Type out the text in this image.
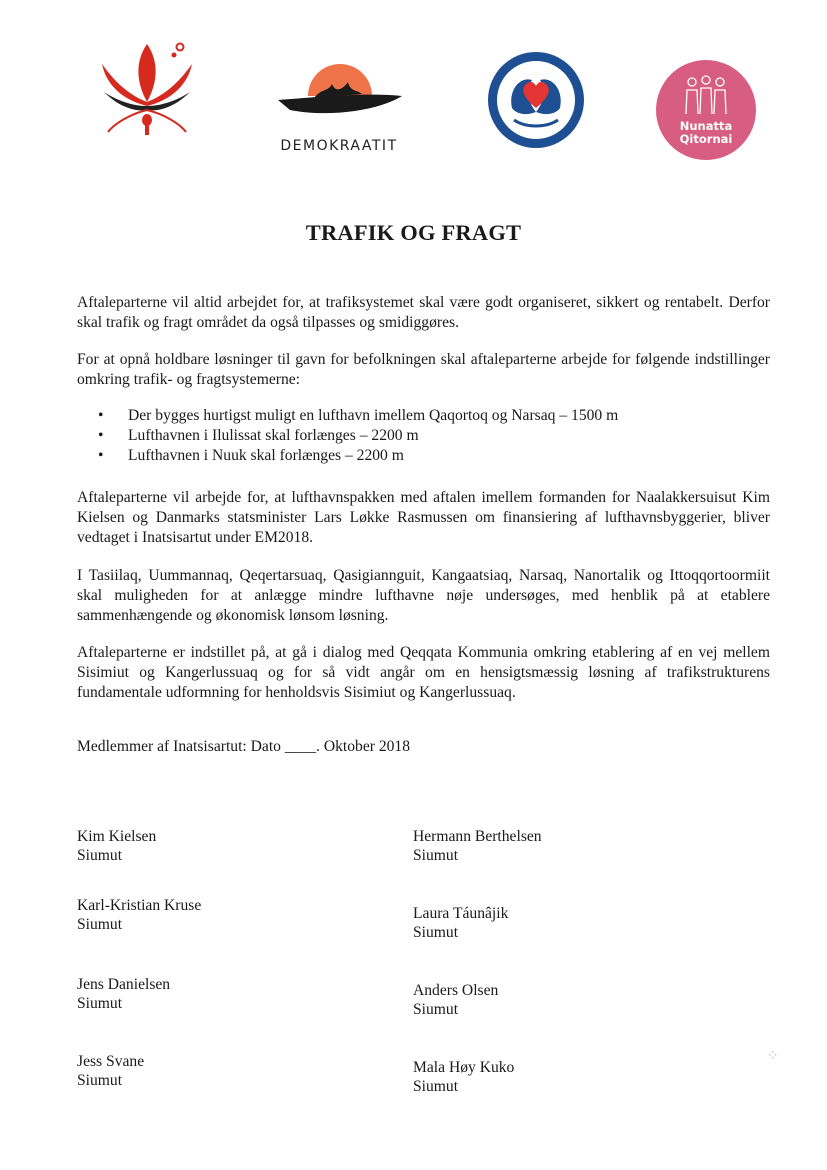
DEMOKRAATIT
Nunatta
Qitornai
TRAFIK OG FRAGT

Aftaleparterne vil altid arbejdet for, at trafiksystemet skal være godt organiseret, sikkert og rentabelt. Derfor skal trafik og fragt området da også tilpasses og smidiggøres.

For at opnå holdbare løsninger til gavn for befolkningen skal aftaleparterne arbejde for følgende indstillinger omkring trafik- og fragtsystemerne:

• Der bygges hurtigst muligt en lufthavn imellem Qaqortoq og Narsaq – 1500 m
• Lufthavnen i Ilulissat skal forlænges – 2200 m
• Lufthavnen i Nuuk skal forlænges – 2200 m

Aftaleparterne vil arbejde for, at lufthavnspakken med aftalen imellem formanden for Naalakkersuisut Kim Kielsen og Danmarks statsminister Lars Løkke Rasmussen om finansiering af lufthavnsbyggerier, bliver vedtaget i Inatsisartut under EM2018.

I Tasiilaq, Uummannaq, Qeqertarsuaq, Qasigiannguit, Kangaatsiaq, Narsaq, Nanortalik og Ittoqqortoormiit skal muligheden for at anlægge mindre lufthavne nøje undersøges, med henblik på at etablere sammenhængende og økonomisk lønsom løsning.

Aftaleparterne er indstillet på, at gå i dialog med Qeqqata Kommunia omkring etablering af en vej mellem Sisimiut og Kangerlussuaq og for så vidt angår om en hensigtsmæssig løsning af trafikstrukturens fundamentale udformning for henholdsvis Sisimiut og Kangerlussuaq.

Medlemmer af Inatsisartut: Dato ____. Oktober 2018

Kim Kielsen
Siumut
Karl-Kristian Kruse
Siumut
Jens Danielsen
Siumut
Jess Svane
Siumut
Hermann Berthelsen
Siumut
Laura Táunâjik
Siumut
Anders Olsen
Siumut
Mala Høy Kuko
Siumut
⁘
